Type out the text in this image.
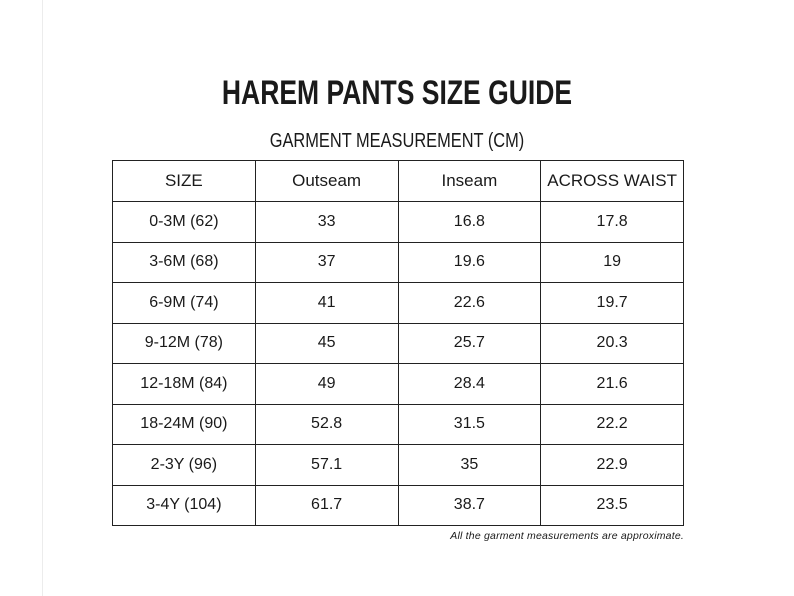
HAREM PANTS SIZE GUIDE
GARMENT MEASUREMENT (CM)
SIZE	Outseam	Inseam	ACROSS WAIST
0-3M (62)	33	16.8	17.8
3-6M (68)	37	19.6	19
6-9M (74)	41	22.6	19.7
9-12M (78)	45	25.7	20.3
12-18M (84)	49	28.4	21.6
18-24M (90)	52.8	31.5	22.2
2-3Y (96)	57.1	35	22.9
3-4Y (104)	61.7	38.7	23.5
All the garment measurements are approximate.
